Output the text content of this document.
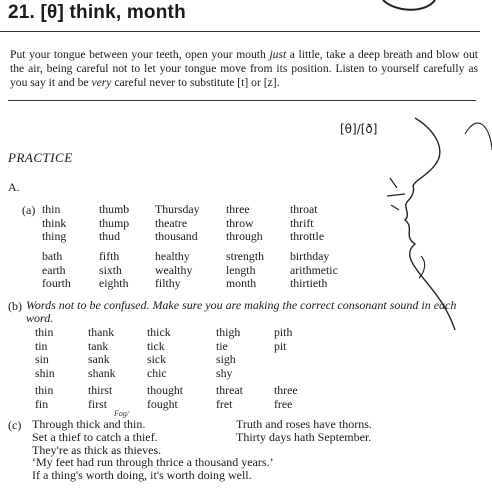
21. [θ] think, month
Put your tongue between your teeth, open your mouth just a little, take a deep breath and blow out the air, being careful not to let your tongue move from its position. Listen to yourself carefully as you say it and be very careful never to substitute [t] or [z].
[θ]/[ð]
PRACTICE
A.
(a) thin
think
thing
thumb
thump
thud
Thursday
theatre
thousand
three
throw
through
throat
thrift
throttle
bath
earth
fourth
fifth
sixth
eighth
healthy
wealthy
filthy
strength
length
month
birthday
arithmetic
thirtieth
(b) Words not to be confused. Make sure you are making the correct consonant sound in each word.
thin
tin
sin
shin
thank
tank
sank
shank
thick
tick
sick
chic
thigh
tie
sigh
shy
pith
pit
thin
fin
thirst
first
thought
fought
threat
fret
three
free
Fog/
(c) Through thick and thin.
Set a thief to catch a thief.
They're as thick as thieves.
‘My feet had run through thrice a thousand years.’
If a thing's worth doing, it's worth doing well.
Truth and roses have thorns.
Thirty days hath September.
